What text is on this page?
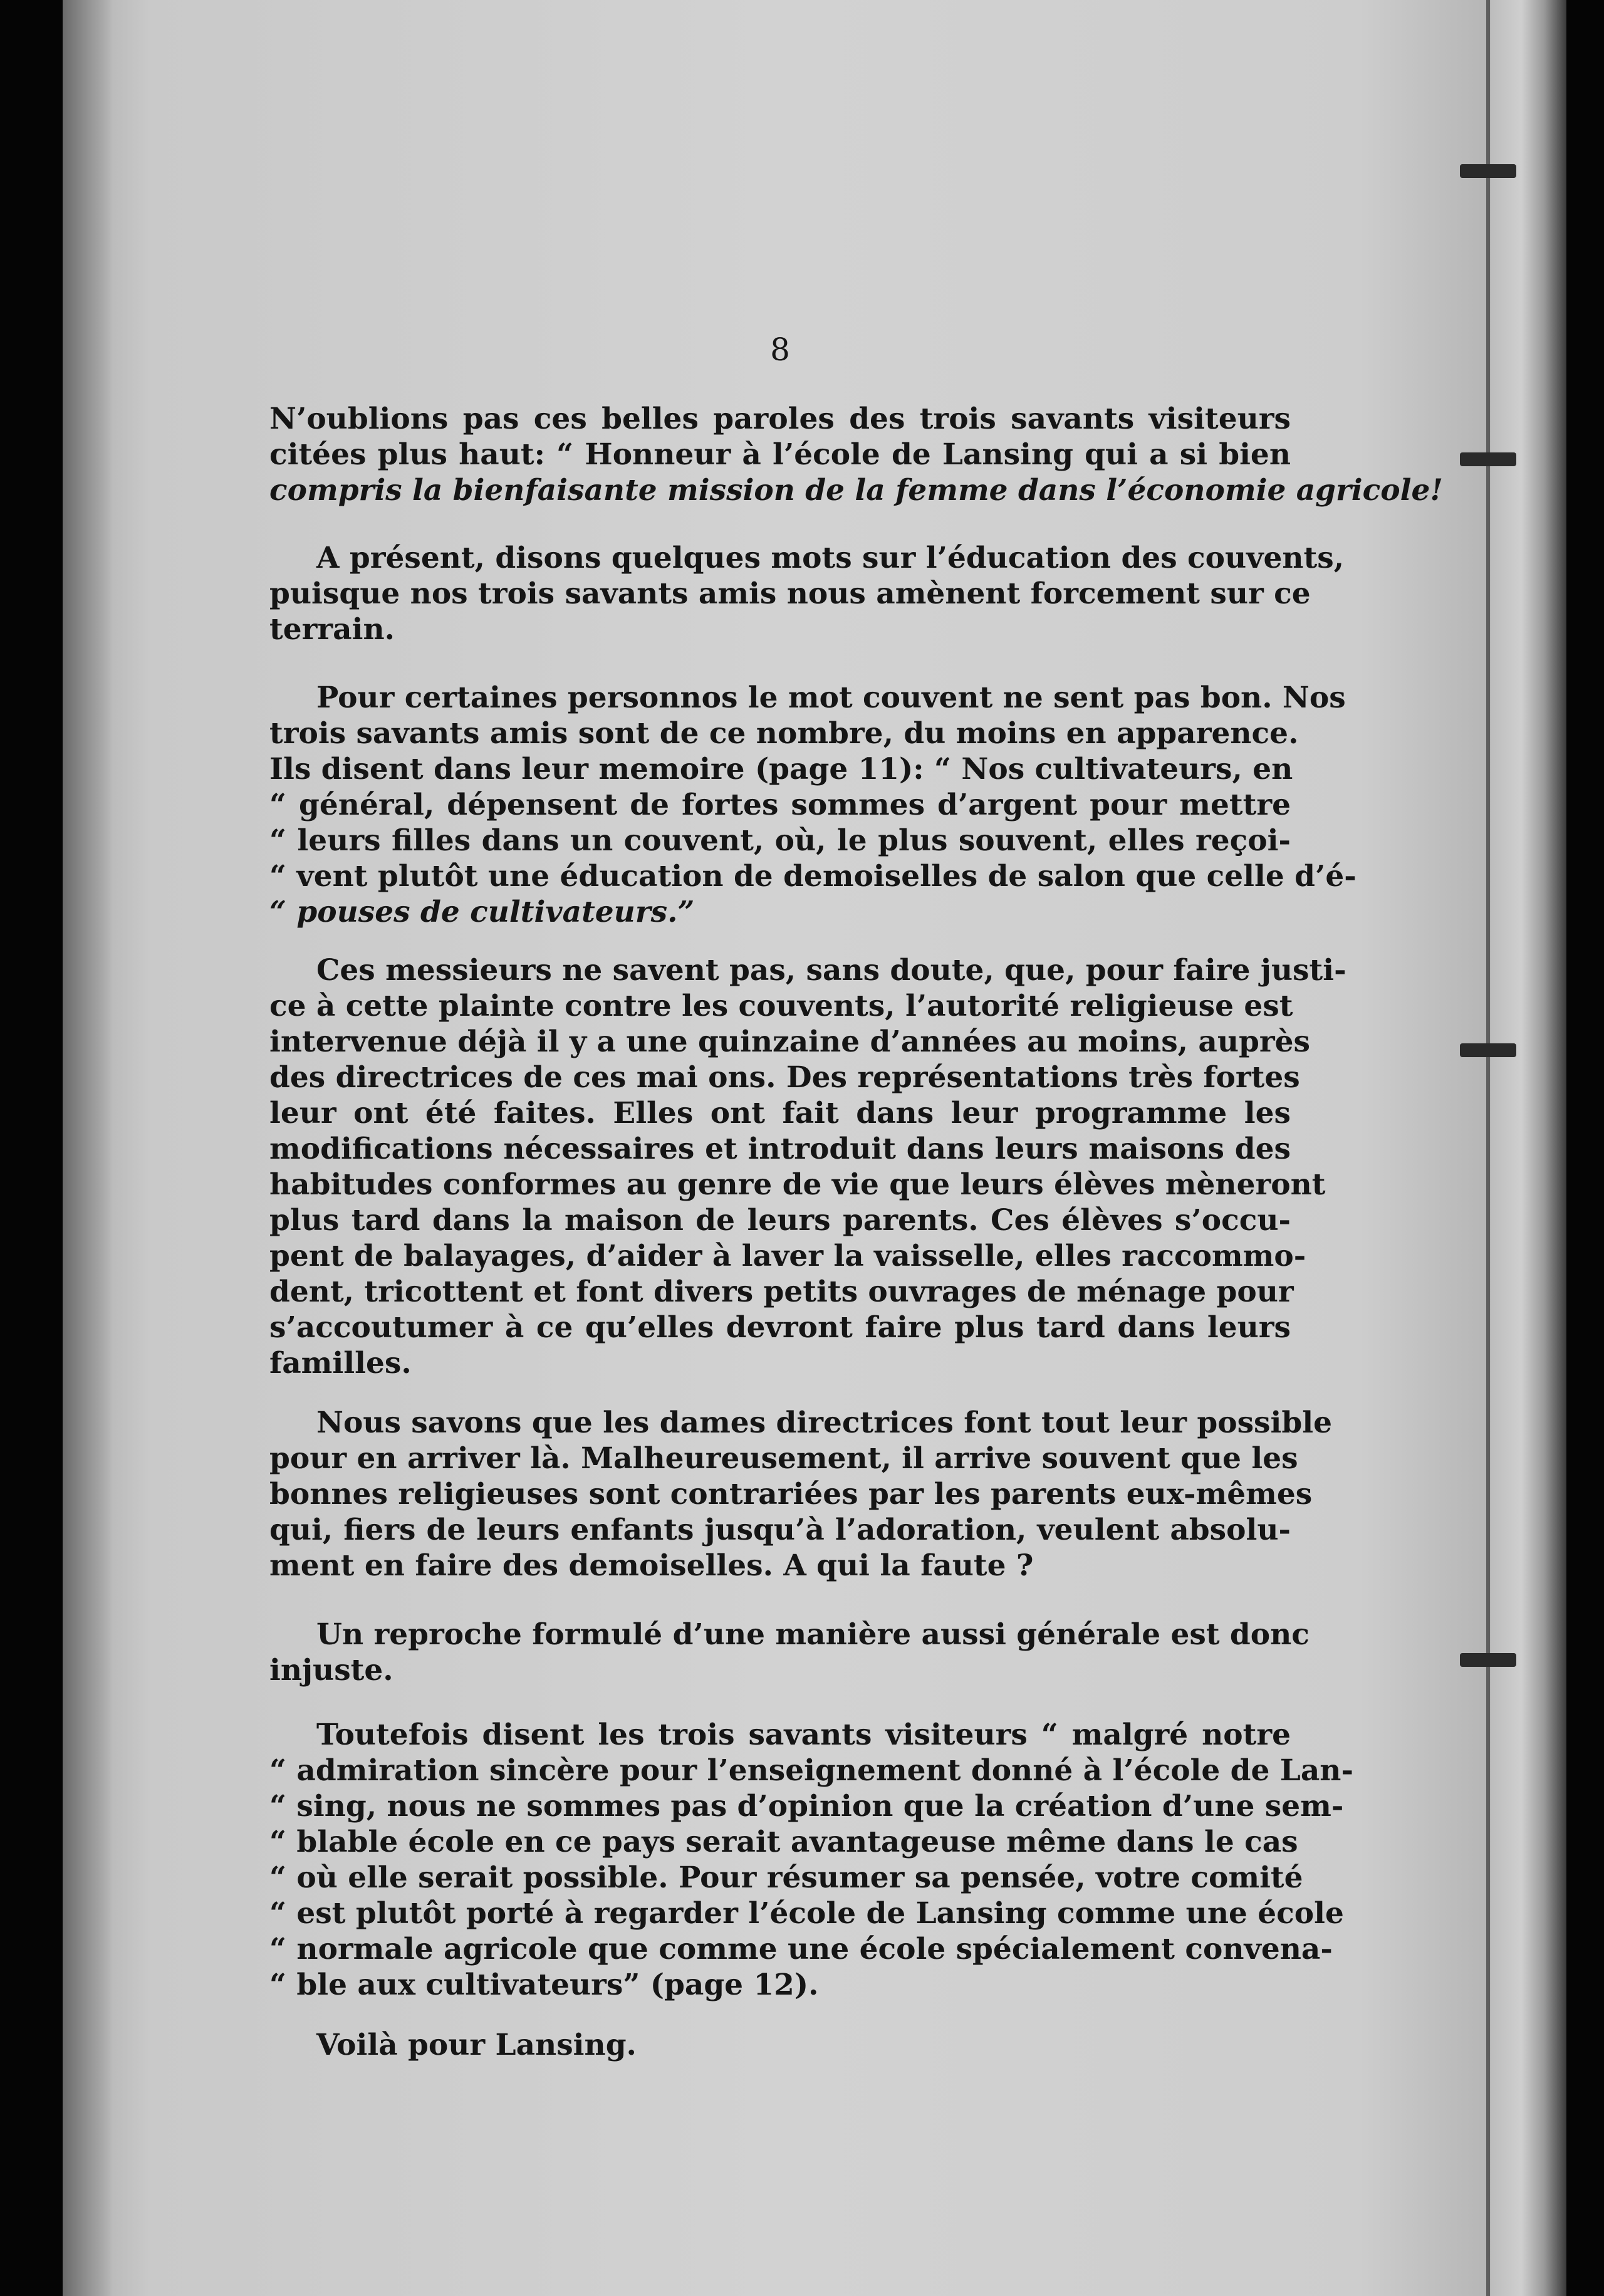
8

N’oublions pas ces belles paroles des trois savants visiteurs
citées plus haut: “ Honneur à l’école de Lansing qui a si bien
compris la bienfaisante mission de la femme dans l’économie agricole!

A présent, disons quelques mots sur l’éducation des couvents,
puisque nos trois savants amis nous amènent forcement sur ce
terrain.

Pour certaines personnos le mot couvent ne sent pas bon. Nos
trois savants amis sont de ce nombre, du moins en apparence.
Ils disent dans leur memoire (page 11): “ Nos cultivateurs, en
“ général, dépensent de fortes sommes d’argent pour mettre
“ leurs filles dans un couvent, où, le plus souvent, elles reçoi-
“ vent plutôt une éducation de demoiselles de salon que celle d’é-
“ pouses de cultivateurs.”

Ces messieurs ne savent pas, sans doute, que, pour faire justi-
ce à cette plainte contre les couvents, l’autorité religieuse est
intervenue déjà il y a une quinzaine d’années au moins, auprès
des directrices de ces mai ons. Des représentations très fortes
leur ont été faites. Elles ont fait dans leur programme les
modifications nécessaires et introduit dans leurs maisons des
habitudes conformes au genre de vie que leurs élèves mèneront
plus tard dans la maison de leurs parents. Ces élèves s’occu-
pent de balayages, d’aider à laver la vaisselle, elles raccommo-
dent, tricottent et font divers petits ouvrages de ménage pour
s’accoutumer à ce qu’elles devront faire plus tard dans leurs
familles.

Nous savons que les dames directrices font tout leur possible
pour en arriver là. Malheureusement, il arrive souvent que les
bonnes religieuses sont contrariées par les parents eux-mêmes
qui, fiers de leurs enfants jusqu’à l’adoration, veulent absolu-
ment en faire des demoiselles. A qui la faute ?

Un reproche formulé d’une manière aussi générale est donc
injuste.

Toutefois disent les trois savants visiteurs “ malgré notre
“ admiration sincère pour l’enseignement donné à l’école de Lan-
“ sing, nous ne sommes pas d’opinion que la création d’une sem-
“ blable école en ce pays serait avantageuse même dans le cas
“ où elle serait possible. Pour résumer sa pensée, votre comité
“ est plutôt porté à regarder l’école de Lansing comme une école
“ normale agricole que comme une école spécialement convena-
“ ble aux cultivateurs” (page 12).

Voilà pour Lansing.
